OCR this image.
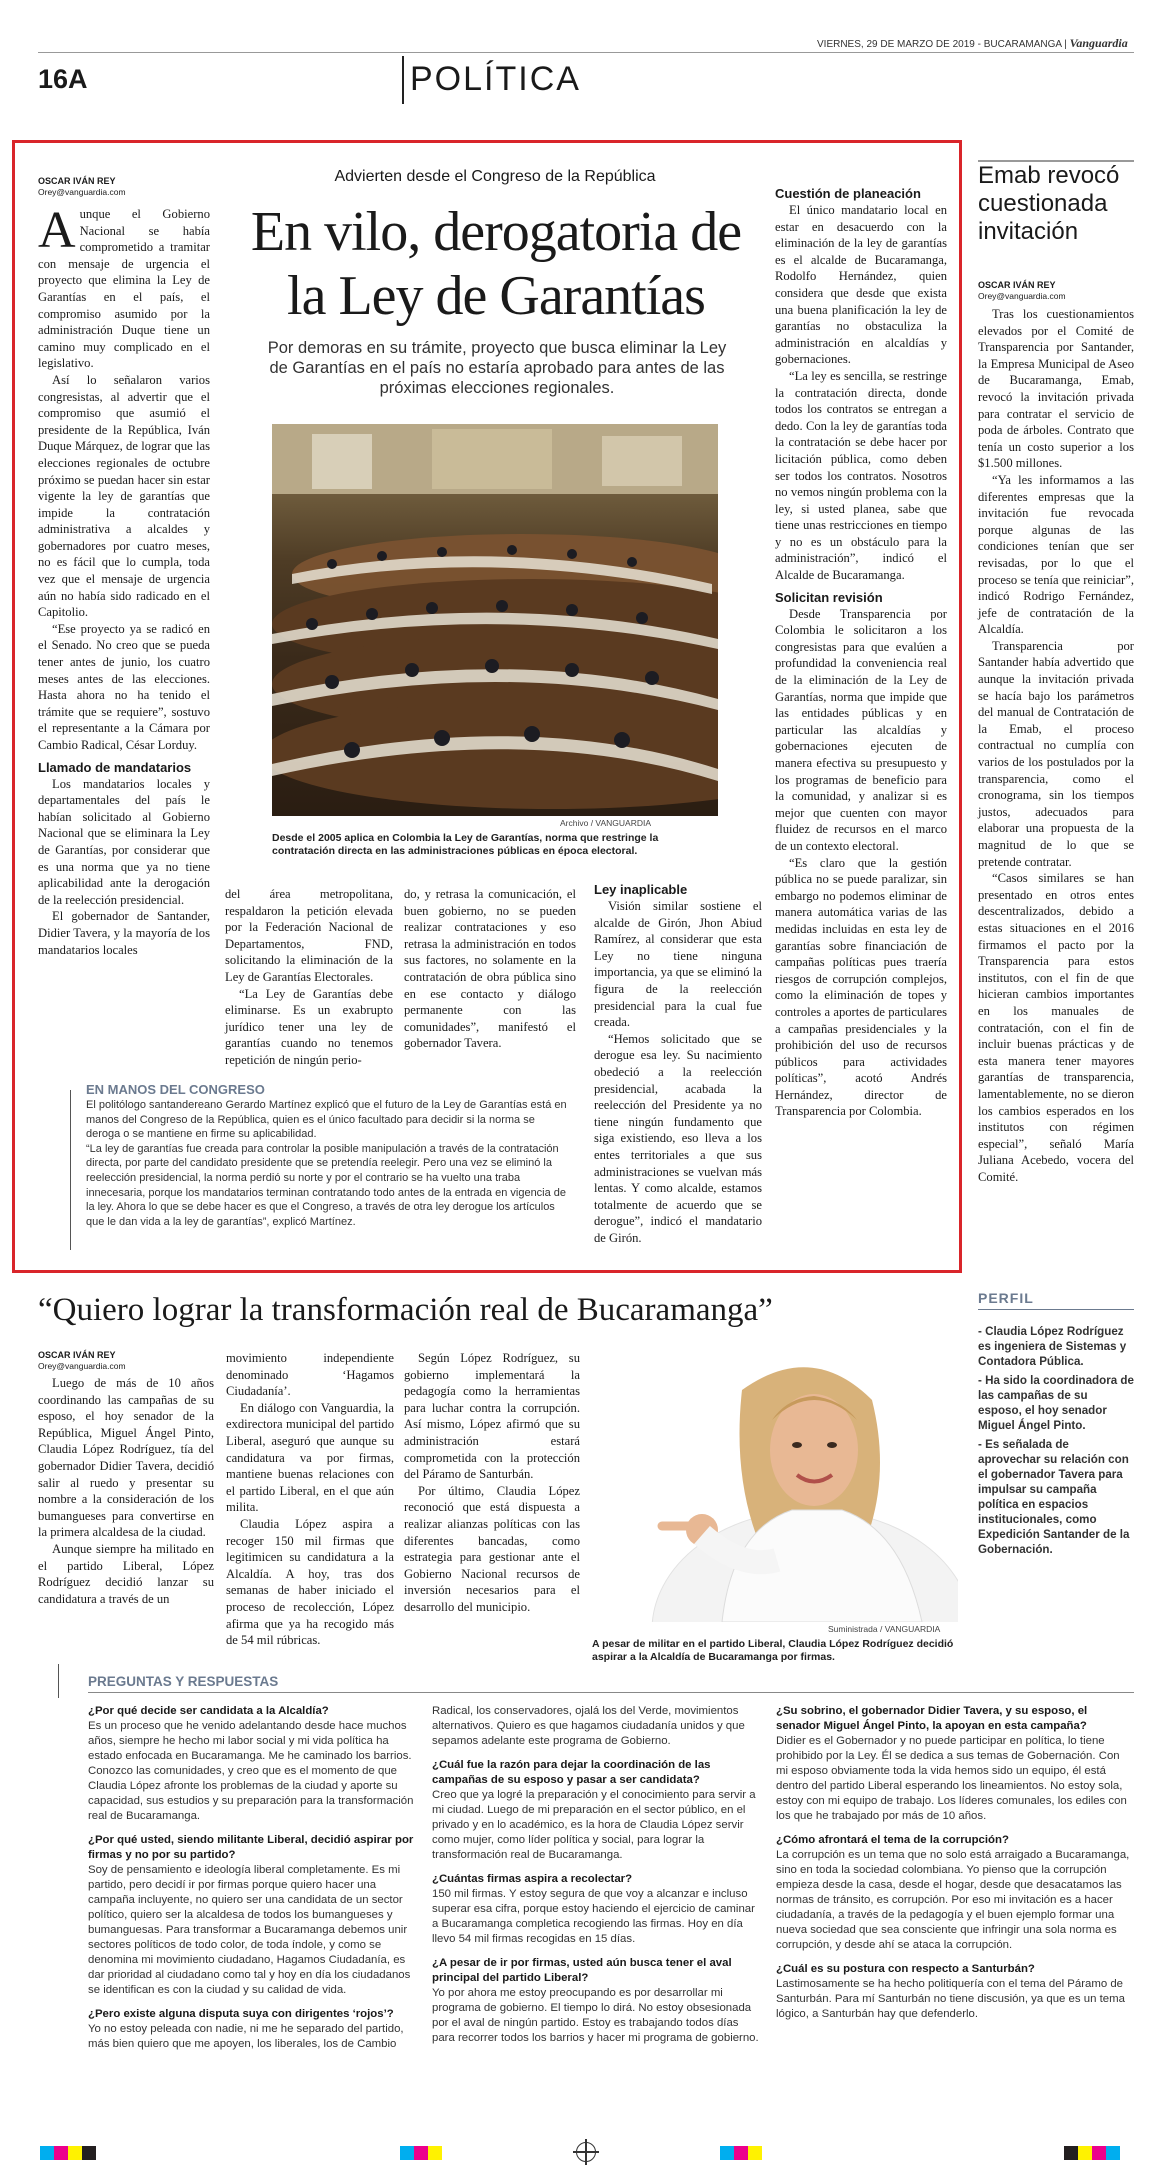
VIERNES, 29 DE MARZO DE 2019 - BUCARAMANGA | Vanguardia
16A	POLÍTICA
OSCAR IVÁN REY
Orey@vanguardia.com
Advierten desde el Congreso de la República
En vilo, derogatoria de
la Ley de Garantías
Por demoras en su trámite, proyecto que busca eliminar la Ley de Garantías en el país no estaría aprobado para antes de las próximas elecciones regionales.
Archivo / VANGUARDIA
Desde el 2005 aplica en Colombia la Ley de Garantías, norma que restringe la contratación directa en las administraciones públicas en época electoral.

Aunque el Gobierno Nacional se había comprometido a tramitar con mensaje de urgencia el proyecto que elimina la Ley de Garantías en el país, el compromiso asumido por la administración Duque tiene un camino muy complicado en el legislativo.

Así lo señalaron varios congresistas, al advertir que el compromiso que asumió el presidente de la República, Iván Duque Márquez, de lograr que las elecciones regionales de octubre próximo se puedan hacer sin estar vigente la ley de garantías que impide la contratación administrativa a alcaldes y gobernadores por cuatro meses, no es fácil que lo cumpla, toda vez que el mensaje de urgencia aún no había sido radicado en el Capitolio.

“Ese proyecto ya se radicó en el Senado. No creo que se pueda tener antes de junio, los cuatro meses antes de las elecciones. Hasta ahora no ha tenido el trámite que se requiere”, sostuvo el representante a la Cámara por Cambio Radical, César Lorduy.

Llamado de mandatarios

Los mandatarios locales y departamentales del país le habían solicitado al Gobierno Nacional que se eliminara la Ley de Garantías, por considerar que es una norma que ya no tiene aplicabilidad ante la derogación de la reelección presidencial.

El gobernador de Santander, Didier Tavera, y la mayoría de los mandatarios locales

del área metropolitana, respaldaron la petición elevada por la Federación Nacional de Departamentos, FND, solicitando la eliminación de la Ley de Garantías Electorales.

“La Ley de Garantías debe eliminarse. Es un exabrupto jurídico tener una ley de garantías cuando no tenemos repetición de ningún perio-

do, y retrasa la comunicación, el buen gobierno, no se pueden realizar contrataciones y eso retrasa la administración en todos sus factores, no solamente en la contratación de obra pública sino en ese contacto y diálogo permanente con las comunidades”, manifestó el gobernador Tavera.

Ley inaplicable

Visión similar sostiene el alcalde de Girón, Jhon Abiud Ramírez, al considerar que esta Ley no tiene ninguna importancia, ya que se eliminó la figura de la reelección presidencial para la cual fue creada.

“Hemos solicitado que se derogue esa ley. Su nacimiento obedeció a la reelección presidencial, acabada la reelección del Presidente ya no tiene ningún fundamento que siga existiendo, eso lleva a los entes territoriales a que sus administraciones se vuelvan más lentas. Y como alcalde, estamos totalmente de acuerdo que se derogue”, indicó el mandatario de Girón.

Cuestión de planeación

El único mandatario local en estar en desacuerdo con la eliminación de la ley de garantías es el alcalde de Bucaramanga, Rodolfo Hernández, quien considera que desde que exista una buena planificación la ley de garantías no obstaculiza la administración en alcaldías y gobernaciones.

“La ley es sencilla, se restringe la contratación directa, donde todos los contratos se entregan a dedo. Con la ley de garantías toda la contratación se debe hacer por licitación pública, como deben ser todos los contratos. Nosotros no vemos ningún problema con la ley, si usted planea, sabe que tiene unas restricciones en tiempo y no es un obstáculo para la administración”, indicó el Alcalde de Bucaramanga.

Solicitan revisión

Desde Transparencia por Colombia le solicitaron a los congresistas para que evalúen a profundidad la conveniencia real de la eliminación de la Ley de Garantías, norma que impide que las entidades públicas y en particular las alcaldías y gobernaciones ejecuten de manera efectiva su presupuesto y los programas de beneficio para la comunidad, y analizar si es mejor que cuenten con mayor fluidez de recursos en el marco de un contexto electoral.

“Es claro que la gestión pública no se puede paralizar, sin embargo no podemos eliminar de manera automática varias de las medidas incluidas en esta ley de garantías sobre financiación de campañas políticas pues traería riesgos de corrupción complejos, como la eliminación de topes y controles a aportes de particulares a campañas presidenciales y la prohibición del uso de recursos públicos para actividades políticas”, acotó Andrés Hernández, director de Transparencia por Colombia.

EN MANOS DEL CONGRESO

El politólogo santandereano Gerardo Martínez explicó que el futuro de la Ley de Garantías está en manos del Congreso de la República, quien es el único facultado para decidir si la norma se deroga o se mantiene en firme su aplicabilidad.

“La ley de garantías fue creada para controlar la posible manipulación a través de la contratación directa, por parte del candidato presidente que se pretendía reelegir. Pero una vez se eliminó la reelección presidencial, la norma perdió su norte y por el contrario se ha vuelto una traba innecesaria, porque los mandatarios terminan contratando todo antes de la entrada en vigencia de la ley. Ahora lo que se debe hacer es que el Congreso, a través de otra ley derogue los artículos que le dan vida a la ley de garantías”, explicó Martínez.

Emab revocó cuestionada invitación
OSCAR IVÁN REY
Orey@vanguardia.com

Tras los cuestionamientos elevados por el Comité de Transparencia por Santander, la Empresa Municipal de Aseo de Bucaramanga, Emab, revocó la invitación privada para contratar el servicio de poda de árboles. Contrato que tenía un costo superior a los $1.500 millones.

“Ya les informamos a las diferentes empresas que la invitación fue revocada porque algunas de las condiciones tenían que ser revisadas, por lo que el proceso se tenía que reiniciar”, indicó Rodrigo Fernández, jefe de contratación de la Alcaldía.

Transparencia por Santander había advertido que aunque la invitación privada se hacía bajo los parámetros del manual de Contratación de la Emab, el proceso contractual no cumplía con varios de los postulados por la transparencia, como el cronograma, sin los tiempos justos, adecuados para elaborar una propuesta de la magnitud de lo que se pretende contratar.

“Casos similares se han presentado en otros entes descentralizados, debido a estas situaciones en el 2016 firmamos el pacto por la Transparencia para estos institutos, con el fin de que hicieran cambios importantes en los manuales de contratación, con el fin de incluir buenas prácticas y de esta manera tener mayores garantías de transparencia, lamentablemente, no se dieron los cambios esperados en los institutos con régimen especial”, señaló María Juliana Acebedo, vocera del Comité.

“Quiero lograr la transformación real de Bucaramanga”
OSCAR IVÁN REY
Orey@vanguardia.com

Luego de más de 10 años coordinando las campañas de su esposo, el hoy senador de la República, Miguel Ángel Pinto, Claudia López Rodríguez, tía del gobernador Didier Tavera, decidió salir al ruedo y presentar su nombre a la consideración de los bumangueses para convertirse en la primera alcaldesa de la ciudad.

Aunque siempre ha militado en el partido Liberal, López Rodríguez decidió lanzar su candidatura a través de un

movimiento independiente denominado ‘Hagamos Ciudadanía’.

En diálogo con Vanguardia, la exdirectora municipal del partido Liberal, aseguró que aunque su candidatura va por firmas, mantiene buenas relaciones con el partido Liberal, en el que aún milita.

Claudia López aspira a recoger 150 mil firmas que legitimicen su candidatura a la Alcaldía. A hoy, tras dos semanas de haber iniciado el proceso de recolección, López afirma que ya ha recogido más de 54 mil rúbricas.

Según López Rodríguez, su gobierno implementará la pedagogía como la herramientas para luchar contra la corrupción. Así mismo, López afirmó que su administración estará comprometida con la protección del Páramo de Santurbán.

Por último, Claudia López reconoció que está dispuesta a realizar alianzas políticas con las diferentes bancadas, como estrategia para gestionar ante el Gobierno Nacional recursos de inversión necesarios para el desarrollo del municipio.

Suministrada / VANGUARDIA
A pesar de militar en el partido Liberal, Claudia López Rodríguez decidió aspirar a la Alcaldía de Bucaramanga por firmas.
PERFIL
- Claudia López Rodríguez es ingeniera de Sistemas y Contadora Pública.
- Ha sido la coordinadora de las campañas de su esposo, el hoy senador Miguel Ángel Pinto.
- Es señalada de aprovechar su relación con el gobernador Tavera para impulsar su campaña política en espacios institucionales, como Expedición Santander de la Gobernación.
PREGUNTAS Y RESPUESTAS
¿Por qué decide ser candidata a la Alcaldía?
Es un proceso que he venido adelantando desde hace muchos años, siempre he hecho mi labor social y mi vida política ha estado enfocada en Bucaramanga. Me he caminado los barrios. Conozco las comunidades, y creo que es el momento de que Claudia López afronte los problemas de la ciudad y aporte su capacidad, sus estudios y su preparación para la transformación real de Bucaramanga.
¿Por qué usted, siendo militante Liberal, decidió aspirar por firmas y no por su partido?
Soy de pensamiento e ideología liberal completamente. Es mi partido, pero decidí ir por firmas porque quiero hacer una campaña incluyente, no quiero ser una candidata de un sector político, quiero ser la alcaldesa de todos los bumangueses y bumanguesas. Para transformar a Bucaramanga debemos unir sectores políticos de todo color, de toda índole, y como se denomina mi movimiento ciudadano, Hagamos Ciudadanía, es dar prioridad al ciudadano como tal y hoy en día los ciudadanos se identifican es con la ciudad y su calidad de vida.
¿Pero existe alguna disputa suya con dirigentes ‘rojos’?
Yo no estoy peleada con nadie, ni me he separado del partido, más bien quiero que me apoyen, los liberales, los de Cambio
Radical, los conservadores, ojalá los del Verde, movimientos alternativos. Quiero es que hagamos ciudadanía unidos y que sepamos adelante este programa de Gobierno.
¿Cuál fue la razón para dejar la coordinación de las campañas de su esposo y pasar a ser candidata?
Creo que ya logré la preparación y el conocimiento para servir a mi ciudad. Luego de mi preparación en el sector público, en el privado y en lo académico, es la hora de Claudia López servir como mujer, como líder política y social, para lograr la transformación real de Bucaramanga.
¿Cuántas firmas aspira a recolectar?
150 mil firmas. Y estoy segura de que voy a alcanzar e incluso superar esa cifra, porque estoy haciendo el ejercicio de caminar a Bucaramanga completica recogiendo las firmas. Hoy en día llevo 54 mil firmas recogidas en 15 días.
¿A pesar de ir por firmas, usted aún busca tener el aval principal del partido Liberal?
Yo por ahora me estoy preocupando es por desarrollar mi programa de gobierno. El tiempo lo dirá. No estoy obsesionada por el aval de ningún partido. Estoy es trabajando todos días para recorrer todos los barrios y hacer mi programa de gobierno.
¿Su sobrino, el gobernador Didier Tavera, y su esposo, el senador Miguel Ángel Pinto, la apoyan en esta campaña?
Didier es el Gobernador y no puede participar en política, lo tiene prohibido por la Ley. Él se dedica a sus temas de Gobernación. Con mi esposo obviamente toda la vida hemos sido un equipo, él está dentro del partido Liberal esperando los lineamientos. No estoy sola, estoy con mi equipo de trabajo. Los líderes comunales, los ediles con los que he trabajado por más de 10 años.
¿Cómo afrontará el tema de la corrupción?
La corrupción es un tema que no solo está arraigado a Bucaramanga, sino en toda la sociedad colombiana. Yo pienso que la corrupción empieza desde la casa, desde el hogar, desde que desacatamos las normas de tránsito, es corrupción. Por eso mi invitación es a hacer ciudadanía, a través de la pedagogía y el buen ejemplo formar una nueva sociedad que sea consciente que infringir una sola norma es corrupción, y desde ahí se ataca la corrupción.
¿Cuál es su postura con respecto a Santurbán?
Lastimosamente se ha hecho politiquería con el tema del Páramo de Santurbán. Para mí Santurbán no tiene discusión, ya que es un tema lógico, a Santurbán hay que defenderlo.
